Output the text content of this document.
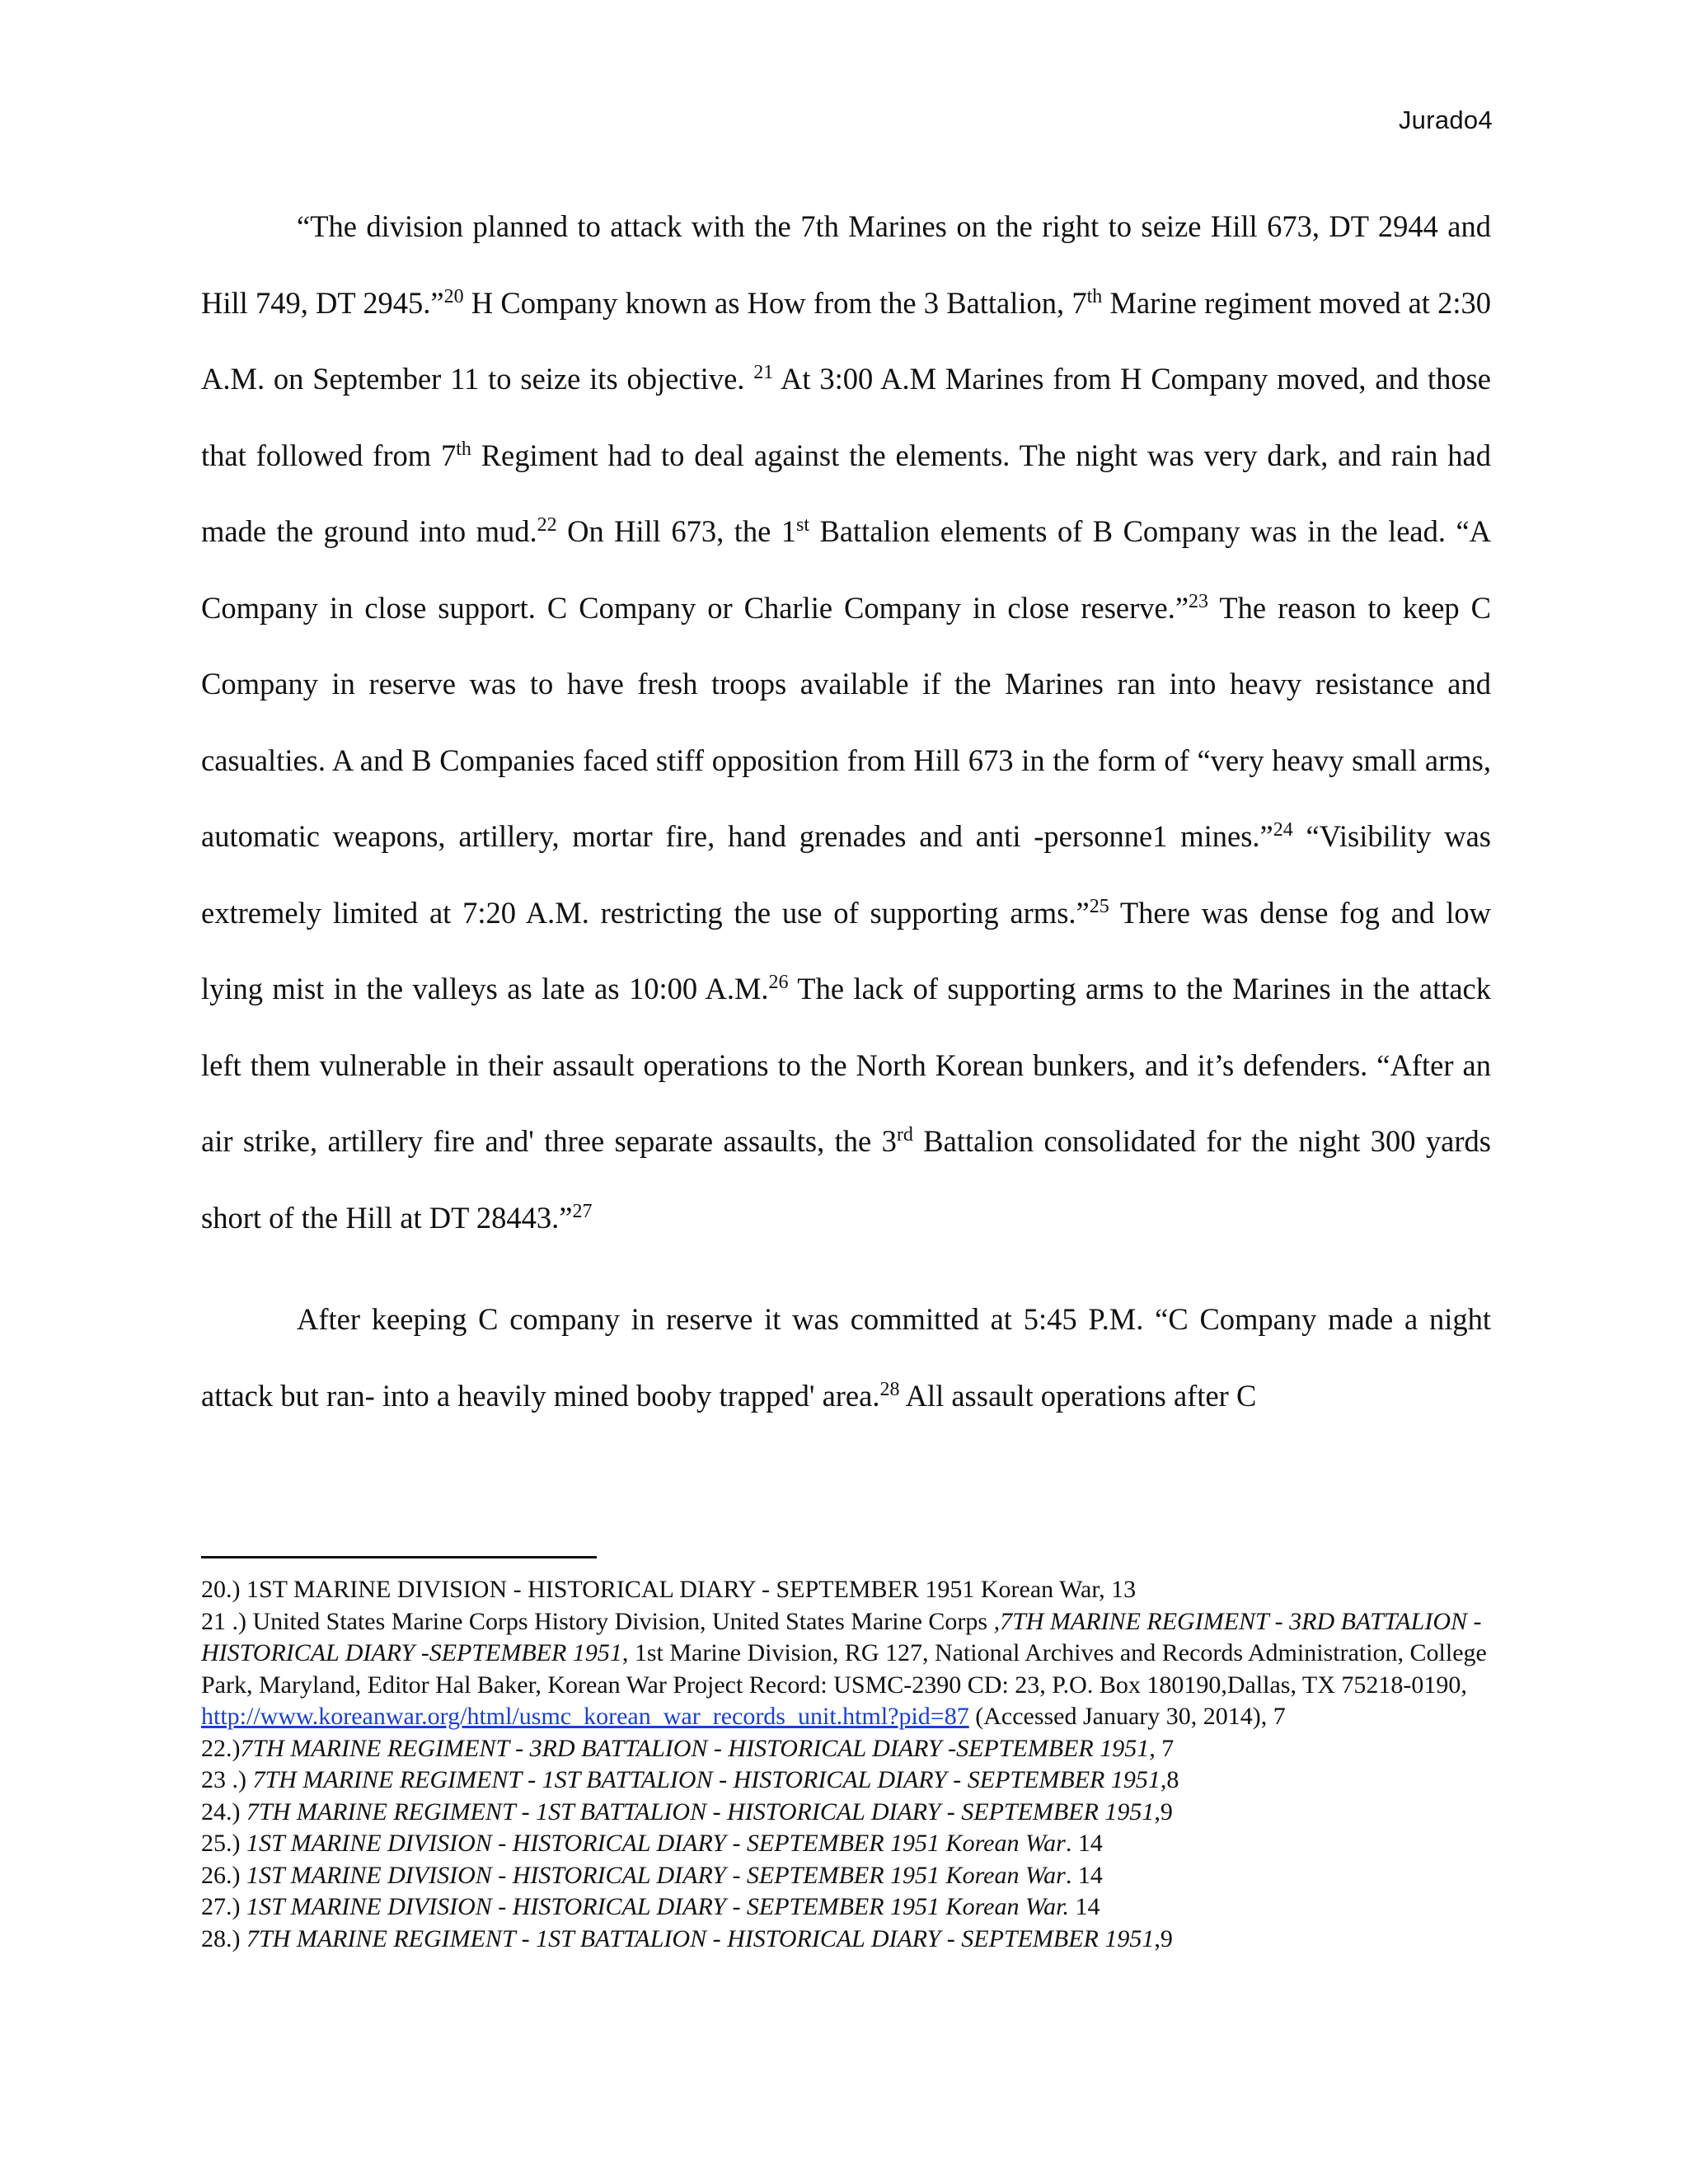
Jurado4

“The division planned to attack with the 7th Marines on the right to seize Hill 673, DT 2944 and Hill 749, DT 2945.”$^{20}$ H Company known as How from the 3 Battalion, 7th Marine regiment moved at 2:30 A.M. on September 11 to seize its objective. $^{21}$ At 3:00 A.M Marines from H Company moved, and those that followed from 7th Regiment had to deal against the elements. The night was very dark, and rain had made the ground into mud.$^{22}$ On Hill 673, the 1st Battalion elements of B Company was in the lead. “A Company in close support. C Company or Charlie Company in close reserve.”$^{23}$ The reason to keep C Company in reserve was to have fresh troops available if the Marines ran into heavy resistance and casualties. A and B Companies faced stiff opposition from Hill 673 in the form of “very heavy small arms, automatic weapons, artillery, mortar fire, hand grenades and anti -personne1 mines.”$^{24}$ “Visibility was extremely limited at 7:20 A.M. restricting the use of supporting arms.”$^{25}$ There was dense fog and low lying mist in the valleys as late as 10:00 A.M.$^{26}$ The lack of supporting arms to the Marines in the attack left them vulnerable in their assault operations to the North Korean bunkers, and it’s defenders. “After an air strike, artillery fire and' three separate assaults, the 3rd Battalion consolidated for the night 300 yards short of the Hill at DT 28443.”$^{27}$

After keeping C company in reserve it was committed at 5:45 P.M. “C Company made a night attack but ran- into a heavily mined booby trapped' area.$^{28}$ All assault operations after C

20.) 1ST MARINE DIVISION - HISTORICAL DIARY - SEPTEMBER 1951 Korean War, 13

21 .) United States Marine Corps History Division, United States Marine Corps ,7TH MARINE REGIMENT - 3RD BATTALION - HISTORICAL DIARY -SEPTEMBER 1951, 1st Marine Division, RG 127, National Archives and Records Administration, College Park, Maryland, Editor Hal Baker, Korean War Project Record: USMC-2390 CD: 23, P.O. Box 180190,Dallas, TX 75218-0190, http://www.koreanwar.org/html/usmc_korean_war_records_unit.html?pid=87 (Accessed January 30, 2014), 7

22.)7TH MARINE REGIMENT - 3RD BATTALION - HISTORICAL DIARY -SEPTEMBER 1951, 7

23 .) 7TH MARINE REGIMENT - 1ST BATTALION - HISTORICAL DIARY - SEPTEMBER 1951,8

24.) 7TH MARINE REGIMENT - 1ST BATTALION - HISTORICAL DIARY - SEPTEMBER 1951,9

25.) 1ST MARINE DIVISION - HISTORICAL DIARY - SEPTEMBER 1951 Korean War. 14

26.) 1ST MARINE DIVISION - HISTORICAL DIARY - SEPTEMBER 1951 Korean War. 14

27.) 1ST MARINE DIVISION - HISTORICAL DIARY - SEPTEMBER 1951 Korean War. 14

28.) 7TH MARINE REGIMENT - 1ST BATTALION - HISTORICAL DIARY - SEPTEMBER 1951,9
